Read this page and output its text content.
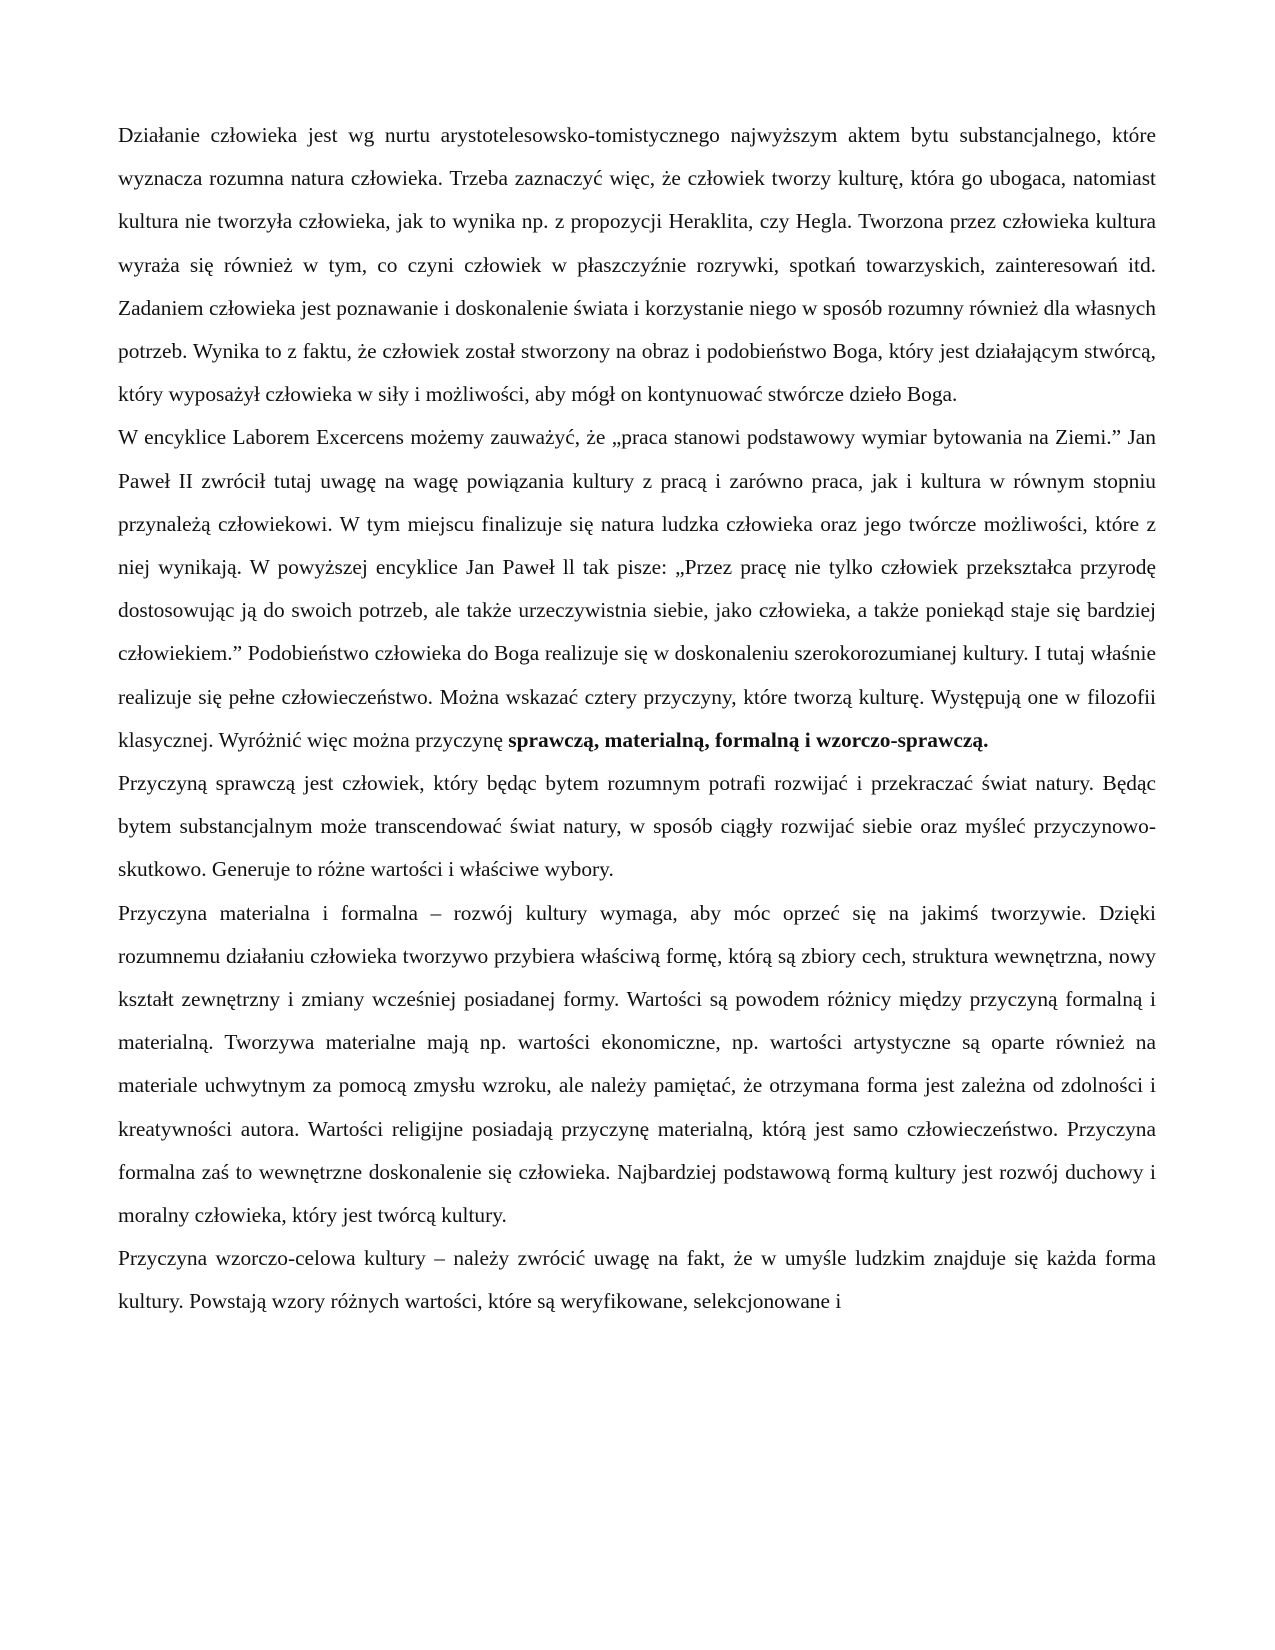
Działanie człowieka jest wg nurtu arystotelesowsko-tomistycznego najwyższym aktem bytu substancjalnego, które wyznacza rozumna natura człowieka. Trzeba zaznaczyć więc, że człowiek tworzy kulturę, która go ubogaca, natomiast kultura nie tworzyła człowieka, jak to wynika np. z propozycji Heraklita, czy Hegla. Tworzona przez człowieka kultura wyraża się również w tym, co czyni człowiek w płaszczyźnie rozrywki, spotkań towarzyskich, zainteresowań itd. Zadaniem człowieka jest poznawanie i doskonalenie świata i korzystanie niego w sposób rozumny również dla własnych potrzeb. Wynika to z faktu, że człowiek został stworzony na obraz i podobieństwo Boga, który jest działającym stwórcą, który wyposażył człowieka w siły i możliwości, aby mógł on kontynuować stwórcze dzieło Boga.

W encyklice Laborem Excercens możemy zauważyć, że „praca stanowi podstawowy wymiar bytowania na Ziemi.” Jan Paweł II zwrócił tutaj uwagę na wagę powiązania kultury z pracą i zarówno praca, jak i kultura w równym stopniu przynależą człowiekowi. W tym miejscu finalizuje się natura ludzka człowieka oraz jego twórcze możliwości, które z niej wynikają. W powyższej encyklice Jan Paweł ll tak pisze: „Przez pracę nie tylko człowiek przekształca przyrodę dostosowując ją do swoich potrzeb, ale także urzeczywistnia siebie, jako człowieka, a także poniekąd staje się bardziej człowiekiem.” Podobieństwo człowieka do Boga realizuje się w doskonaleniu szerokorozumianej kultury. I tutaj właśnie realizuje się pełne człowieczeństwo. Można wskazać cztery przyczyny, które tworzą kulturę. Występują one w filozofii klasycznej. Wyróżnić więc można przyczynę sprawczą, materialną, formalną i wzorczo-sprawczą.

Przyczyną sprawczą jest człowiek, który będąc bytem rozumnym potrafi rozwijać i przekraczać świat natury. Będąc bytem substancjalnym może transcendować świat natury, w sposób ciągły rozwijać siebie oraz myśleć przyczynowo-skutkowo. Generuje to różne wartości i właściwe wybory.

Przyczyna materialna i formalna – rozwój kultury wymaga, aby móc oprzeć się na jakimś tworzywie. Dzięki rozumnemu działaniu człowieka tworzywo przybiera właściwą formę, którą są zbiory cech, struktura wewnętrzna, nowy kształt zewnętrzny i zmiany wcześniej posiadanej formy. Wartości są powodem różnicy między przyczyną formalną i materialną. Tworzywa materialne mają np. wartości ekonomiczne, np. wartości artystyczne są oparte również na materiale uchwytnym za pomocą zmysłu wzroku, ale należy pamiętać, że otrzymana forma jest zależna od zdolności i kreatywności autora. Wartości religijne posiadają przyczynę materialną, którą jest samo człowieczeństwo. Przyczyna formalna zaś to wewnętrzne doskonalenie się człowieka. Najbardziej podstawową formą kultury jest rozwój duchowy i moralny człowieka, który jest twórcą kultury.

Przyczyna wzorczo-celowa kultury – należy zwrócić uwagę na fakt, że w umyśle ludzkim znajduje się każda forma kultury. Powstają wzory różnych wartości, które są weryfikowane, selekcjonowane i
